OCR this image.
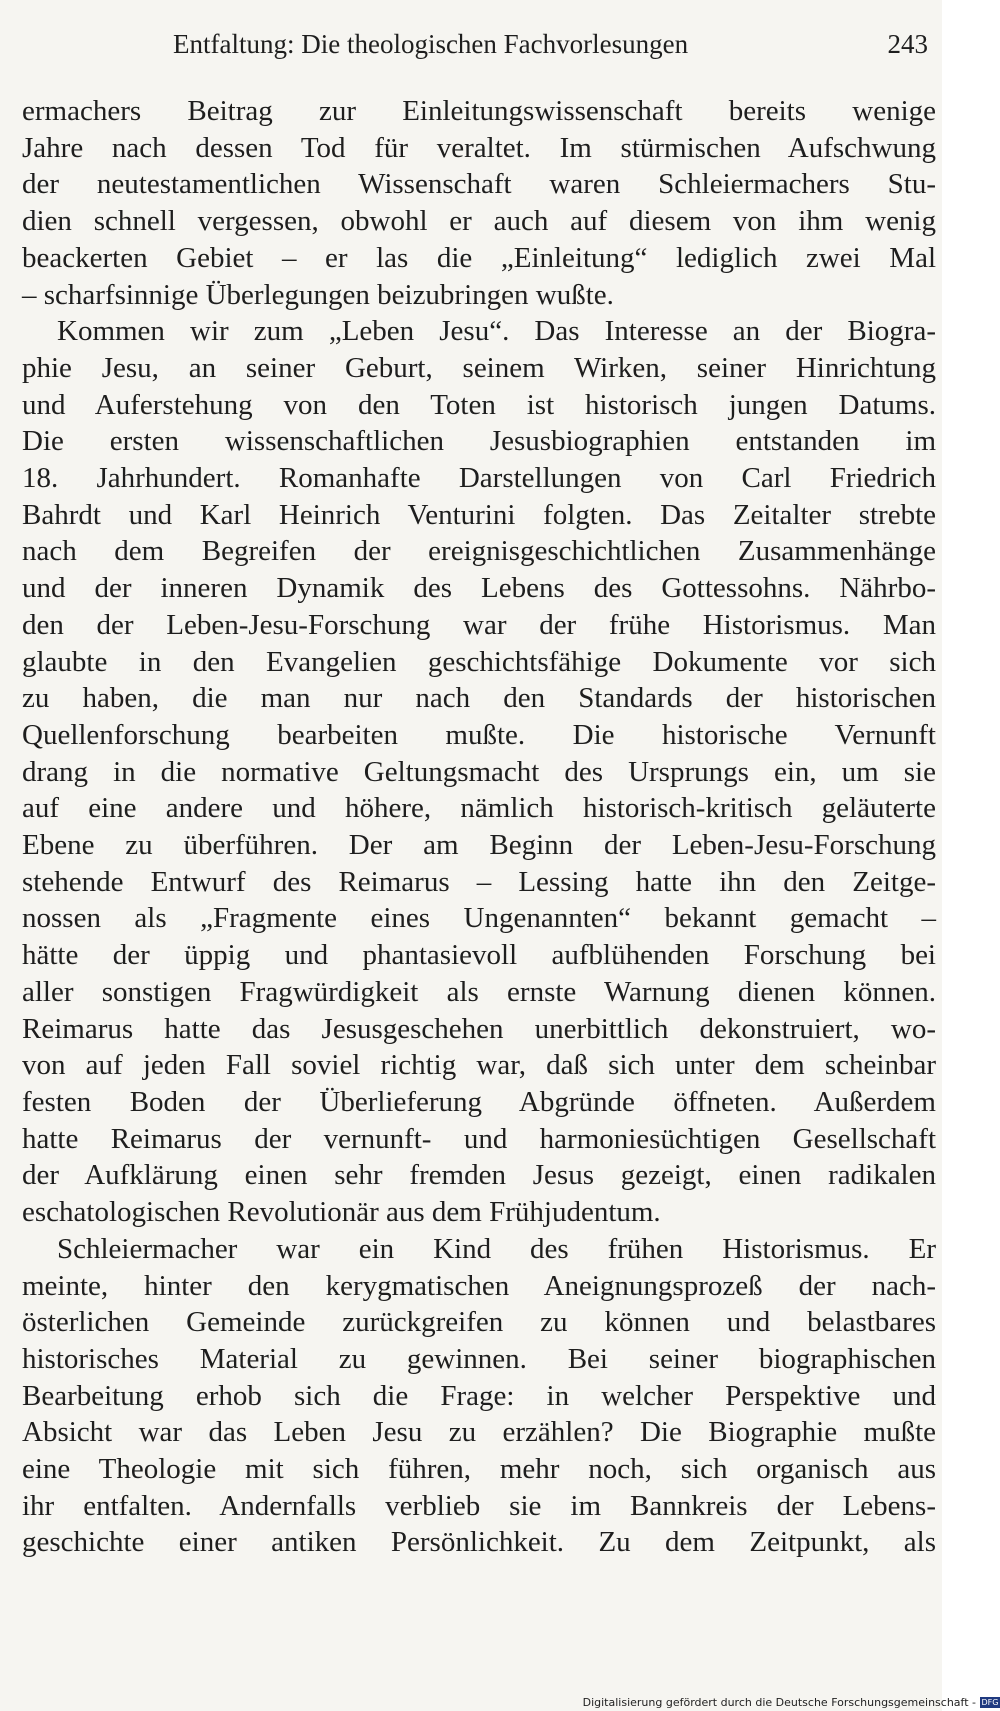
Entfaltung: Die theologischen Fachvorlesungen	243
ermachers Beitrag zur Einleitungswissenschaft bereits wenige
Jahre nach dessen Tod für veraltet. Im stürmischen Aufschwung
der neutestamentlichen Wissenschaft waren Schleiermachers Stu-
dien schnell vergessen, obwohl er auch auf diesem von ihm wenig
beackerten Gebiet – er las die „Einleitung“ lediglich zwei Mal
– scharfsinnige Überlegungen beizubringen wußte.
Kommen wir zum „Leben Jesu“. Das Interesse an der Biogra-
phie Jesu, an seiner Geburt, seinem Wirken, seiner Hinrichtung
und Auferstehung von den Toten ist historisch jungen Datums.
Die ersten wissenschaftlichen Jesusbiographien entstanden im
18. Jahrhundert. Romanhafte Darstellungen von Carl Friedrich
Bahrdt und Karl Heinrich Venturini folgten. Das Zeitalter strebte
nach dem Begreifen der ereignisgeschichtlichen Zusammenhänge
und der inneren Dynamik des Lebens des Gottessohns. Nährbo-
den der Leben-Jesu-Forschung war der frühe Historismus. Man
glaubte in den Evangelien geschichtsfähige Dokumente vor sich
zu haben, die man nur nach den Standards der historischen
Quellenforschung bearbeiten mußte. Die historische Vernunft
drang in die normative Geltungsmacht des Ursprungs ein, um sie
auf eine andere und höhere, nämlich historisch-kritisch geläuterte
Ebene zu überführen. Der am Beginn der Leben-Jesu-Forschung
stehende Entwurf des Reimarus – Lessing hatte ihn den Zeitge-
nossen als „Fragmente eines Ungenannten“ bekannt gemacht –
hätte der üppig und phantasievoll aufblühenden Forschung bei
aller sonstigen Fragwürdigkeit als ernste Warnung dienen können.
Reimarus hatte das Jesusgeschehen unerbittlich dekonstruiert, wo-
von auf jeden Fall soviel richtig war, daß sich unter dem scheinbar
festen Boden der Überlieferung Abgründe öffneten. Außerdem
hatte Reimarus der vernunft- und harmoniesüchtigen Gesellschaft
der Aufklärung einen sehr fremden Jesus gezeigt, einen radikalen
eschatologischen Revolutionär aus dem Frühjudentum.
Schleiermacher war ein Kind des frühen Historismus. Er
meinte, hinter den kerygmatischen Aneignungsprozeß der nach-
österlichen Gemeinde zurückgreifen zu können und belastbares
historisches Material zu gewinnen. Bei seiner biographischen
Bearbeitung erhob sich die Frage: in welcher Perspektive und
Absicht war das Leben Jesu zu erzählen? Die Biographie mußte
eine Theologie mit sich führen, mehr noch, sich organisch aus
ihr entfalten. Andernfalls verblieb sie im Bannkreis der Lebens-
geschichte einer antiken Persönlichkeit. Zu dem Zeitpunkt, als
Digitalisierung gefördert durch die Deutsche Forschungsgemeinschaft - DFG
